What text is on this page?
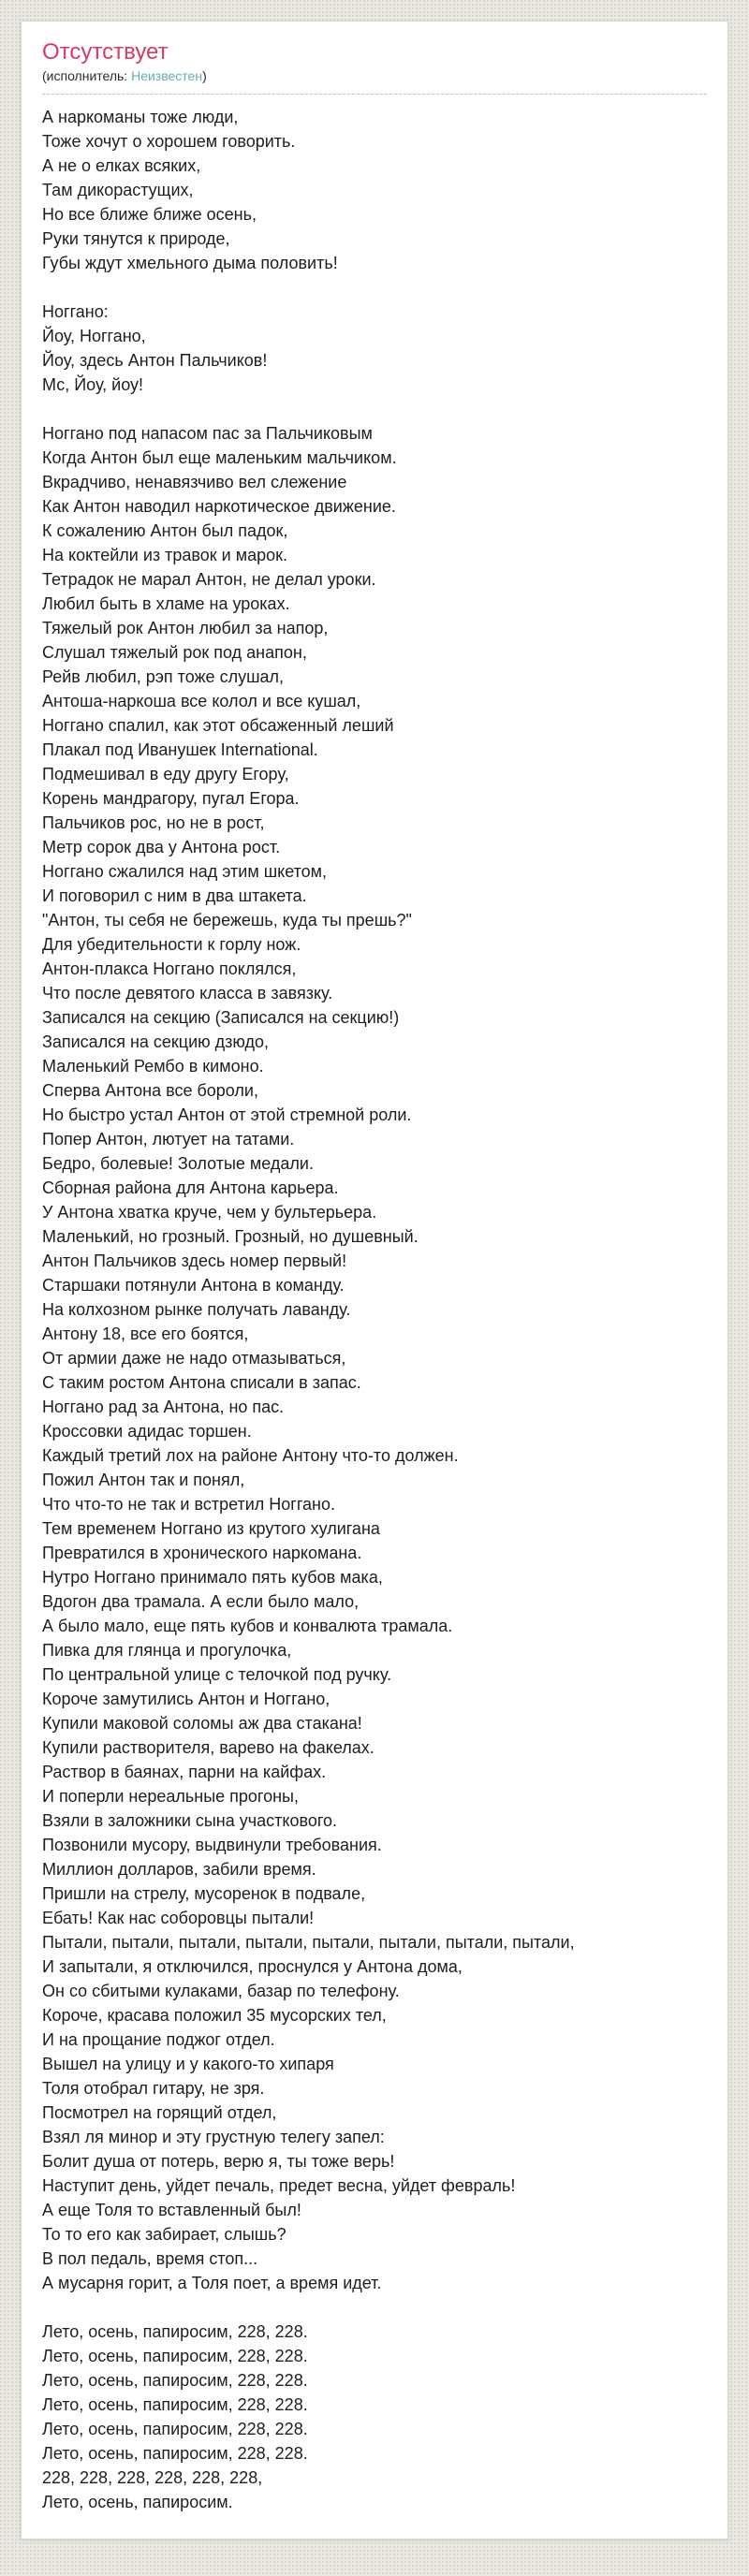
Отсутствует
(исполнитель: Неизвестен)

А наркоманы тоже люди,
Тоже хочут о хорошем говорить.
А не о елках всяких,
Там дикорастущих,
Но все ближе ближе осень,
Руки тянутся к природе,
Губы ждут хмельного дыма половить!

Ноггано:
Йоу, Ноггано,
Йоу, здесь Антон Пальчиков!
Мс, Йоу, йоу!

Ноггано под напасом пас за Пальчиковым
Когда Антон был еще маленьким мальчиком.
Вкрадчиво, ненавязчиво вел слежение
Как Антон наводил наркотическое движение.
К сожалению Антон был падок,
На коктейли из травок и марок.
Тетрадок не марал Антон, не делал уроки.
Любил быть в хламе на уроках.
Тяжелый рок Антон любил за напор,
Слушал тяжелый рок под анапон,
Рейв любил, рэп тоже слушал,
Антоша-наркоша все колол и все кушал,
Ноггано спалил, как этот обсаженный леший
Плакал под Иванушек International.
Подмешивал в еду другу Егору,
Корень мандрагору, пугал Егора.
Пальчиков рос, но не в рост,
Метр сорок два у Антона рост.
Ноггано сжалился над этим шкетом,
И поговорил с ним в два штакета.
"Антон, ты себя не бережешь, куда ты прешь?"
Для убедительности к горлу нож.
Антон-плакса Ноггано поклялся,
Что после девятого класса в завязку.
Записался на секцию (Записался на секцию!)
Записался на секцию дзюдо,
Маленький Рембо в кимоно.
Сперва Антона все бороли,
Но быстро устал Антон от этой стремной роли.
Попер Антон, лютует на татами.
Бедро, болевые! Золотые медали.
Сборная района для Антона карьера.
У Антона хватка круче, чем у бультерьера.
Маленький, но грозный. Грозный, но душевный.
Антон Пальчиков здесь номер первый!
Старшаки потянули Антона в команду.
На колхозном рынке получать лаванду.
Антону 18, все его боятся,
От армии даже не надо отмазываться,
С таким ростом Антона списали в запас.
Ноггано рад за Антона, но пас.
Кроссовки адидас торшен.
Каждый третий лох на районе Антону что-то должен.
Пожил Антон так и понял,
Что что-то не так и встретил Ноггано.
Тем временем Ноггано из крутого хулигана
Превратился в хронического наркомана.
Нутро Ноггано принимало пять кубов мака,
Вдогон два трамала. А если было мало,
А было мало, еще пять кубов и конвалюта трамала.
Пивка для глянца и прогулочка,
По центральной улице с телочкой под ручку.
Короче замутились Антон и Ноггано,
Купили маковой соломы аж два стакана!
Купили растворителя, варево на факелах.
Раствор в баянах, парни на кайфах.
И поперли нереальные прогоны,
Взяли в заложники сына участкового.
Позвонили мусору, выдвинули требования.
Миллион долларов, забили время.
Пришли на стрелу, мусоренок в подвале,
Ебать! Как нас соборовцы пытали!
Пытали, пытали, пытали, пытали, пытали, пытали, пытали, пытали,
И запытали, я отключился, проснулся у Антона дома,
Он со сбитыми кулаками, базар по телефону.
Короче, красава положил 35 мусорских тел,
И на прощание поджог отдел.
Вышел на улицу и у какого-то хипаря
Толя отобрал гитару, не зря.
Посмотрел на горящий отдел,
Взял ля минор и эту грустную телегу запел:
Болит душа от потерь, верю я, ты тоже верь!
Наступит день, уйдет печаль, предет весна, уйдет февраль!
А еще Толя то вставленный был!
То то его как забирает, слышь?
В пол педаль, время стоп...
А мусарня горит, а Толя поет, а время идет.

Лето, осень, папиросим, 228, 228.
Лето, осень, папиросим, 228, 228.
Лето, осень, папиросим, 228, 228.
Лето, осень, папиросим, 228, 228.
Лето, осень, папиросим, 228, 228.
Лето, осень, папиросим, 228, 228.
228, 228, 228, 228, 228, 228,
Лето, осень, папиросим.
